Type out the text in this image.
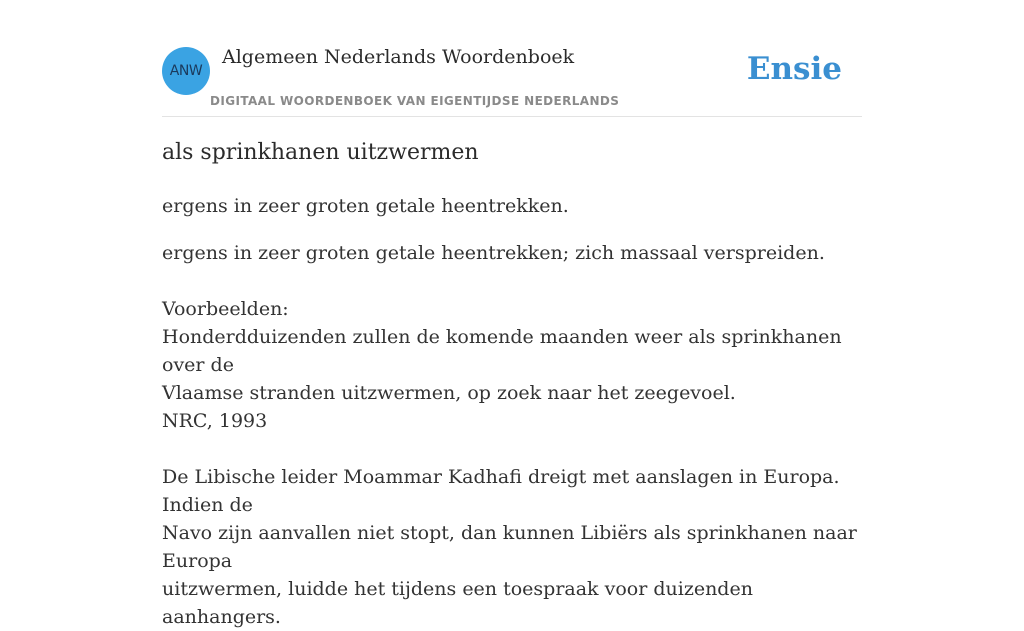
ANW
Algemeen Nederlands Woordenboek
DIGITAAL WOORDENBOEK VAN EIGENTIJDSE NEDERLANDS
Ensie
als sprinkhanen uitzwermen
ergens in zeer groten getale heentrekken.
ergens in zeer groten getale heentrekken; zich massaal verspreiden.

Voorbeelden:

Honderdduizenden zullen de komende maanden weer als sprinkhanen over de

Vlaamse stranden uitzwermen, op zoek naar het zeegevoel.

NRC, 1993

De Libische leider Moammar Kadhafi dreigt met aanslagen in Europa. Indien de

Navo zijn aanvallen niet stopt, dan kunnen Libiërs als sprinkhanen naar Europa

uitzwermen, luidde het tijdens een toespraak voor duizenden aanhangers.
